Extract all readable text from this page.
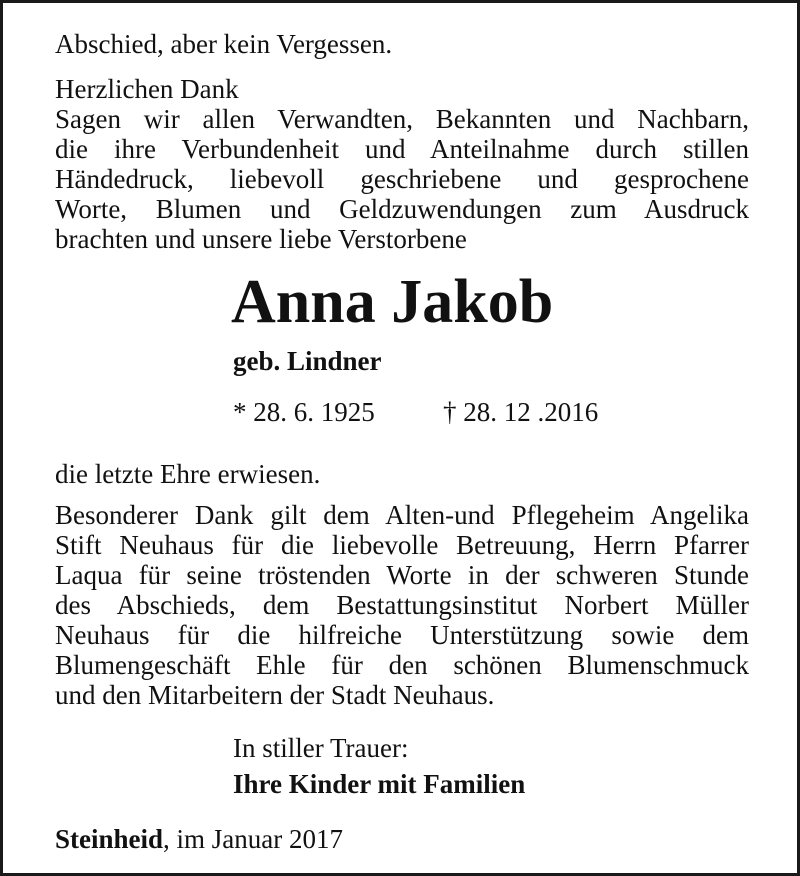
Abschied, aber kein Vergessen.
Herzlichen Dank
Sagen wir allen Verwandten, Bekannten und Nachbarn,
die ihre Verbundenheit und Anteilnahme durch stillen
Händedruck, liebevoll geschriebene und gesprochene
Worte, Blumen und Geldzuwendungen zum Ausdruck
brachten und unsere liebe Verstorbene
Anna Jakob
geb. Lindner
* 28. 6. 1925	† 28. 12 .2016
die letzte Ehre erwiesen.
Besonderer Dank gilt dem Alten-und Pflegeheim Angelika
Stift Neuhaus für die liebevolle Betreuung, Herrn Pfarrer
Laqua für seine tröstenden Worte in der schweren Stunde
des Abschieds, dem Bestattungsinstitut Norbert Müller
Neuhaus für die hilfreiche Unterstützung sowie dem
Blumengeschäft Ehle für den schönen Blumenschmuck
und den Mitarbeitern der Stadt Neuhaus.
In stiller Trauer:
Ihre Kinder mit Familien
Steinheid, im Januar 2017
